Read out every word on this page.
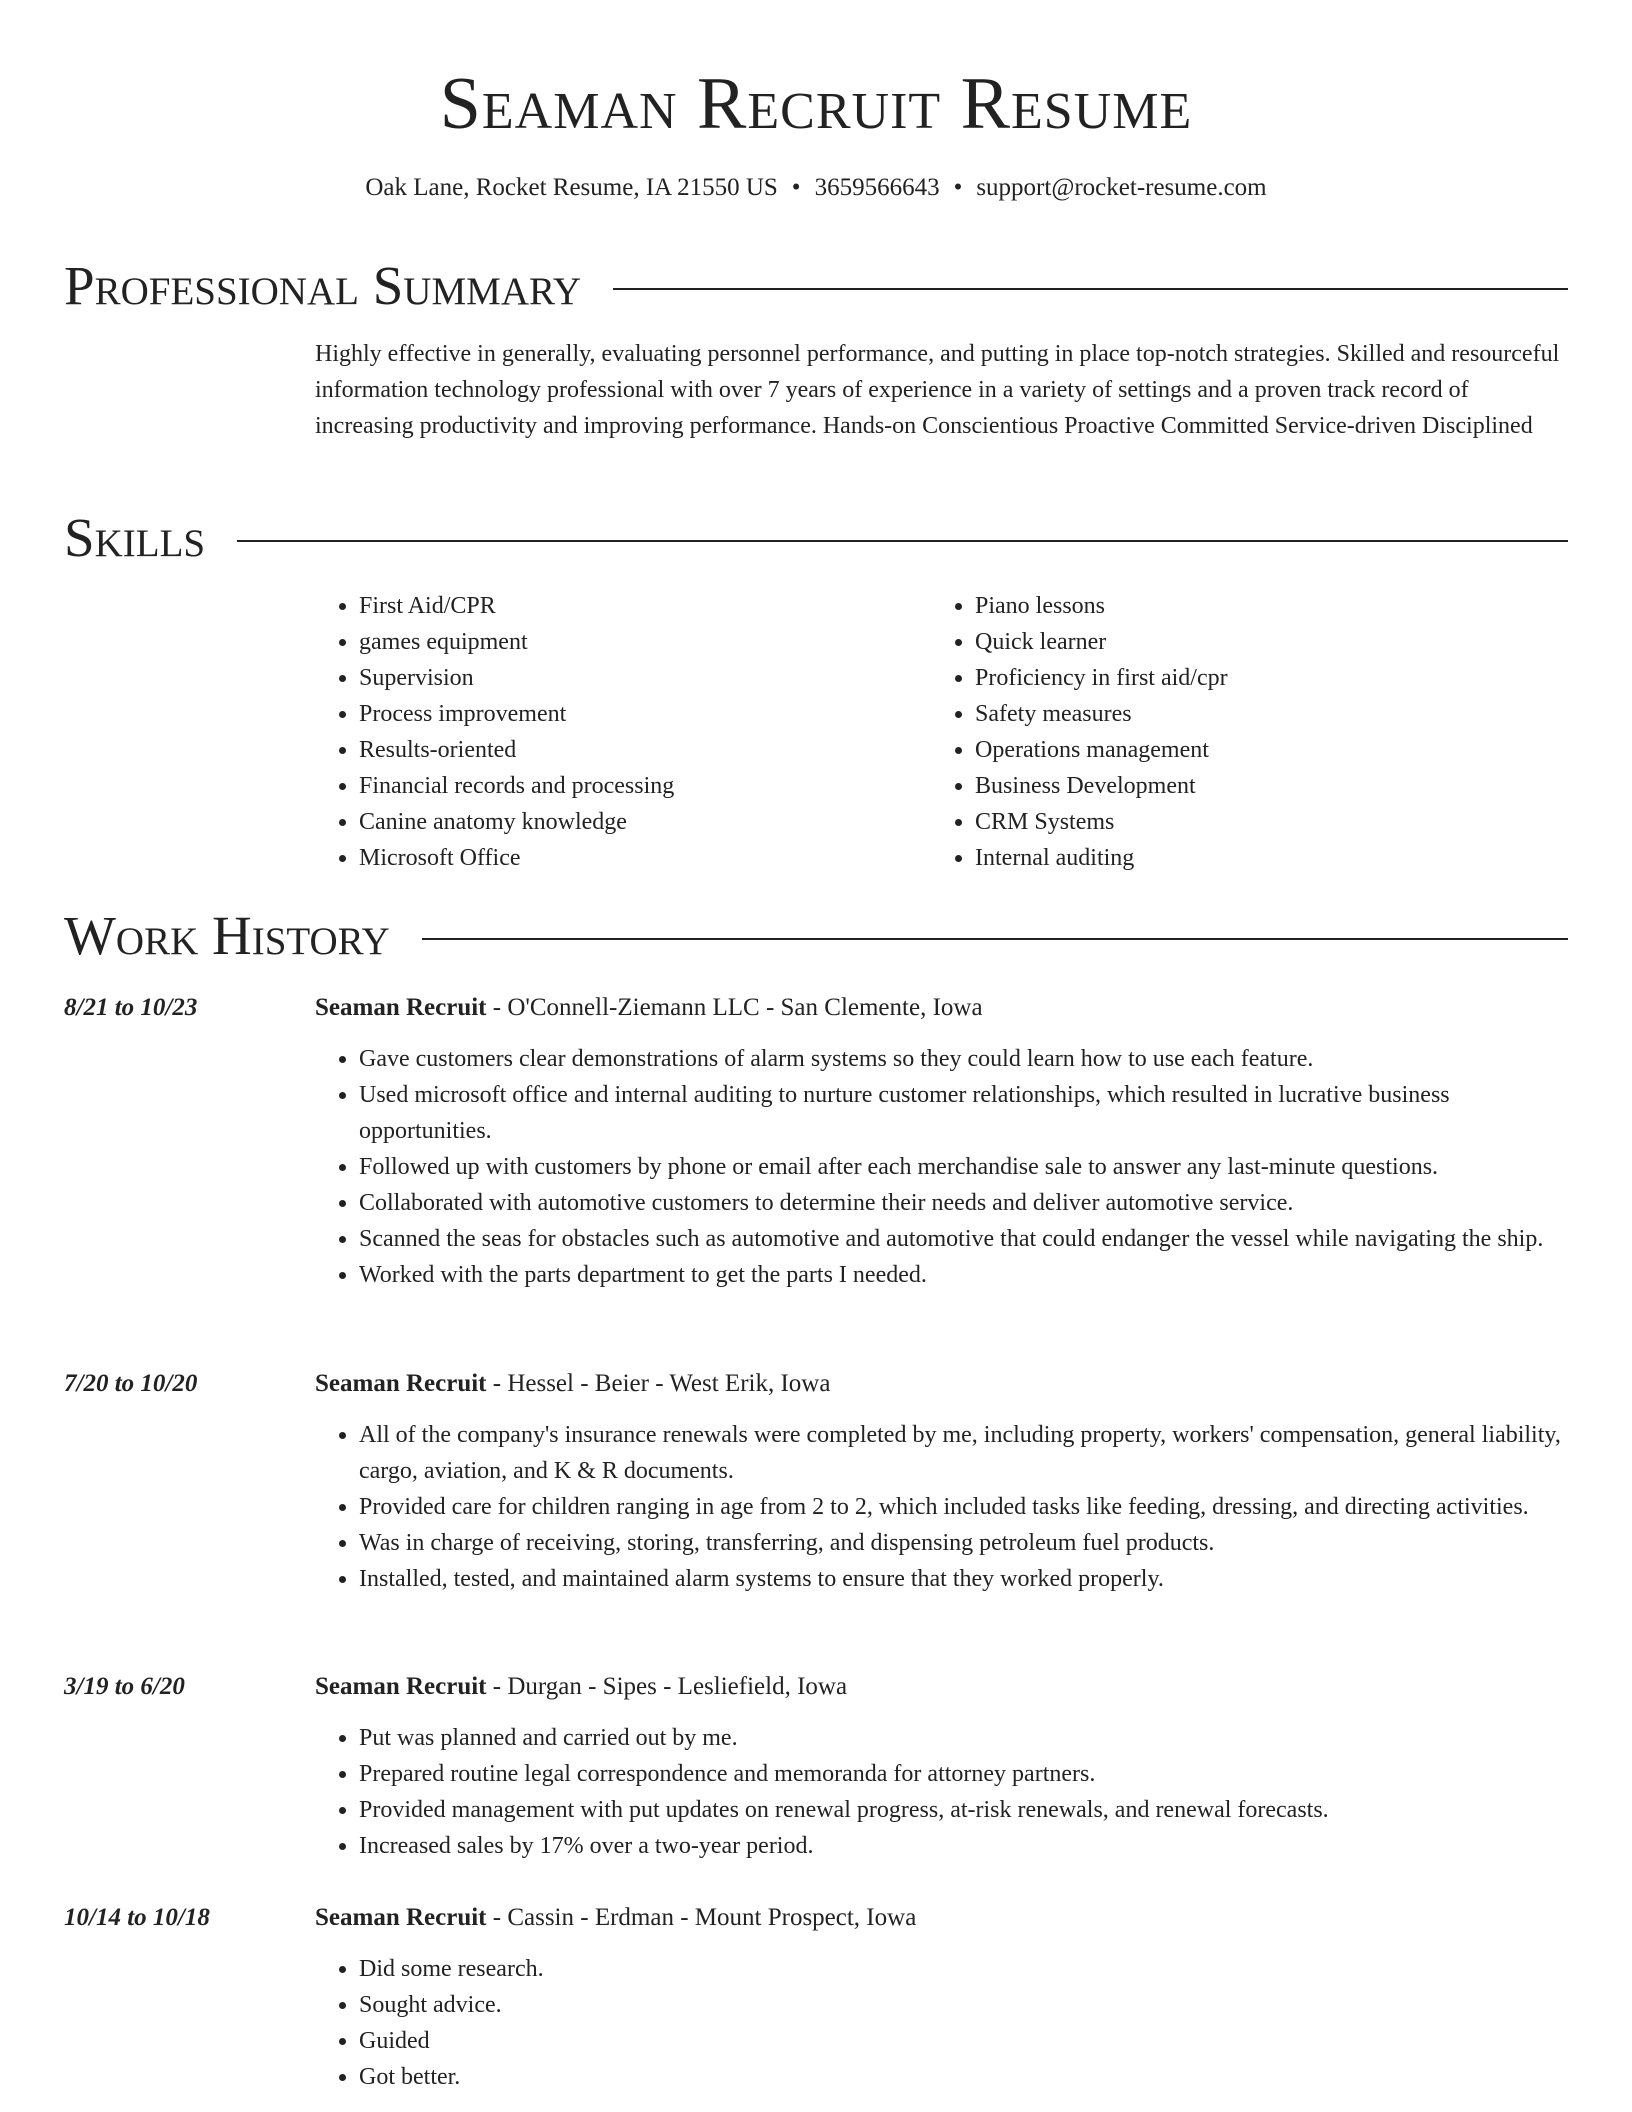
Seaman Recruit Resume
Oak Lane, Rocket Resume, IA 21550 US • 3659566643 • support@rocket-resume.com
Professional Summary

Highly effective in generally, evaluating personnel performance, and putting in place top-notch strategies. Skilled and resourceful information technology professional with over 7 years of experience in a variety of settings and a proven track record of increasing productivity and improving performance. Hands-on Conscientious Proactive Committed Service-driven Disciplined

Skills
• First Aid/CPR
• games equipment
• Supervision
• Process improvement
• Results-oriented
• Financial records and processing
• Canine anatomy knowledge
• Microsoft Office
• Piano lessons
• Quick learner
• Proficiency in first aid/cpr
• Safety measures
• Operations management
• Business Development
• CRM Systems
• Internal auditing
Work History
8/21 to 10/23	Seaman Recruit - O'Connell-Ziemann LLC - San Clemente, Iowa
• Gave customers clear demonstrations of alarm systems so they could learn how to use each feature.
• Used microsoft office and internal auditing to nurture customer relationships, which resulted in lucrative business opportunities.
• Followed up with customers by phone or email after each merchandise sale to answer any last-minute questions.
• Collaborated with automotive customers to determine their needs and deliver automotive service.
• Scanned the seas for obstacles such as automotive and automotive that could endanger the vessel while navigating the ship.
• Worked with the parts department to get the parts I needed.
7/20 to 10/20	Seaman Recruit - Hessel - Beier - West Erik, Iowa
• All of the company's insurance renewals were completed by me, including property, workers' compensation, general liability, cargo, aviation, and K & R documents.
• Provided care for children ranging in age from 2 to 2, which included tasks like feeding, dressing, and directing activities.
• Was in charge of receiving, storing, transferring, and dispensing petroleum fuel products.
• Installed, tested, and maintained alarm systems to ensure that they worked properly.
3/19 to 6/20	Seaman Recruit - Durgan - Sipes - Lesliefield, Iowa
• Put was planned and carried out by me.
• Prepared routine legal correspondence and memoranda for attorney partners.
• Provided management with put updates on renewal progress, at-risk renewals, and renewal forecasts.
• Increased sales by 17% over a two-year period.
10/14 to 10/18	Seaman Recruit - Cassin - Erdman - Mount Prospect, Iowa
• Did some research.
• Sought advice.
• Guided
• Got better.
